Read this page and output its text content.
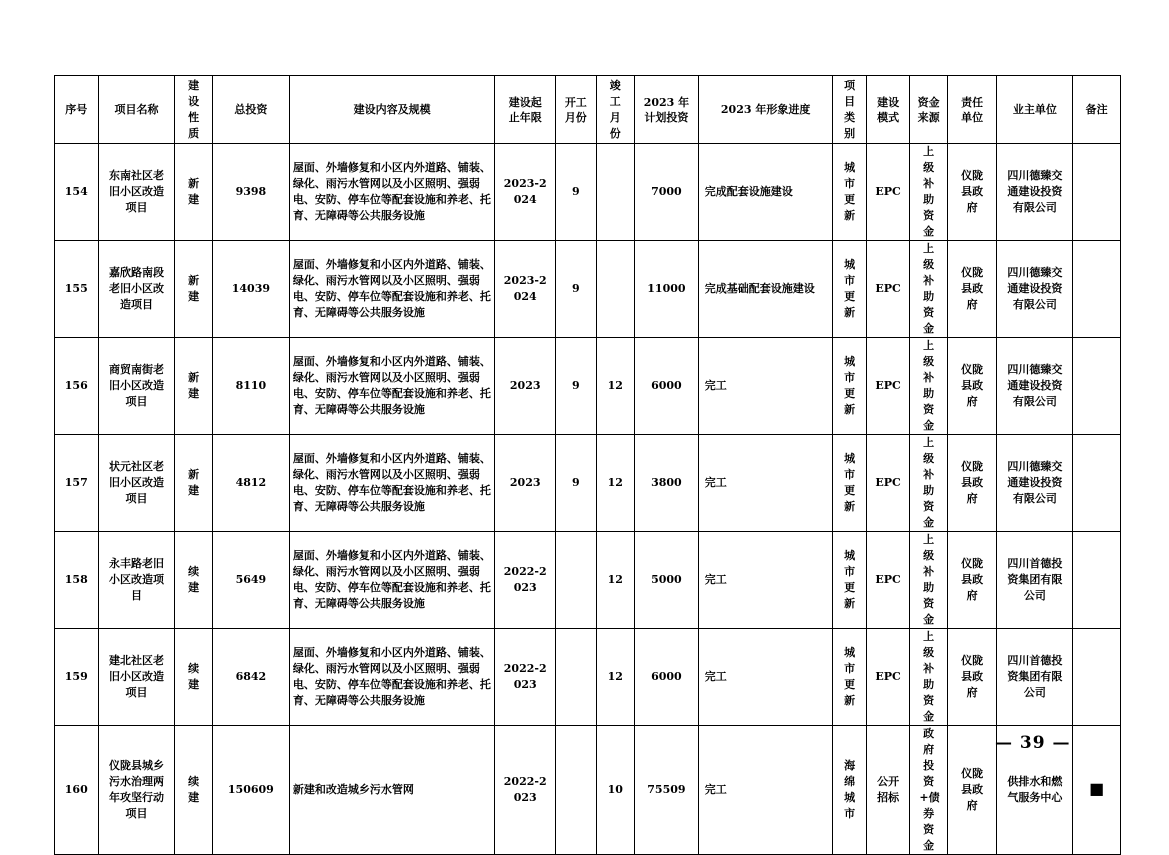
序号	项目名称	建设性质	总投资	建设内容及规模	建设起止年限	开工月份	竣工月份	2023 年计划投资	2023 年形象进度	项目类别	建设模式	资金来源	责任单位	业主单位	备注
154	东南社区老旧小区改造项目	新建	9398	屋面、外墙修复和小区内外道路、铺装、绿化、雨污水管网以及小区照明、强弱电、安防、停车位等配套设施和养老、托育、无障碍等公共服务设施	2023-2024	9		7000	完成配套设施建设	城市更新	EPC	上级补助资金	仪陇县政府	四川德臻交通建设投资有限公司	
155	嘉欣路南段老旧小区改造项目	新建	14039	屋面、外墙修复和小区内外道路、铺装、绿化、雨污水管网以及小区照明、强弱电、安防、停车位等配套设施和养老、托育、无障碍等公共服务设施	2023-2024	9		11000	完成基础配套设施建设	城市更新	EPC	上级补助资金	仪陇县政府	四川德臻交通建设投资有限公司	
156	商贸南街老旧小区改造项目	新建	8110	屋面、外墙修复和小区内外道路、铺装、绿化、雨污水管网以及小区照明、强弱电、安防、停车位等配套设施和养老、托育、无障碍等公共服务设施	2023	9	12	6000	完工	城市更新	EPC	上级补助资金	仪陇县政府	四川德臻交通建设投资有限公司	
157	状元社区老旧小区改造项目	新建	4812	屋面、外墙修复和小区内外道路、铺装、绿化、雨污水管网以及小区照明、强弱电、安防、停车位等配套设施和养老、托育、无障碍等公共服务设施	2023	9	12	3800	完工	城市更新	EPC	上级补助资金	仪陇县政府	四川德臻交通建设投资有限公司	
158	永丰路老旧小区改造项目	续建	5649	屋面、外墙修复和小区内外道路、铺装、绿化、雨污水管网以及小区照明、强弱电、安防、停车位等配套设施和养老、托育、无障碍等公共服务设施	2022-2023		12	5000	完工	城市更新	EPC	上级补助资金	仪陇县政府	四川首德投资集团有限公司	
159	建北社区老旧小区改造项目	续建	6842	屋面、外墙修复和小区内外道路、铺装、绿化、雨污水管网以及小区照明、强弱电、安防、停车位等配套设施和养老、托育、无障碍等公共服务设施	2022-2023		12	6000	完工	城市更新	EPC	上级补助资金	仪陇县政府	四川首德投资集团有限公司	
160	仪陇县城乡污水治理两年攻坚行动项目	续建	150609	新建和改造城乡污水管网	2022-2023		10	75509	完工	海绵城市	公开招标	政府投资+债券资金	仪陇县政府	供排水和燃气服务中心	■
— 39 —
